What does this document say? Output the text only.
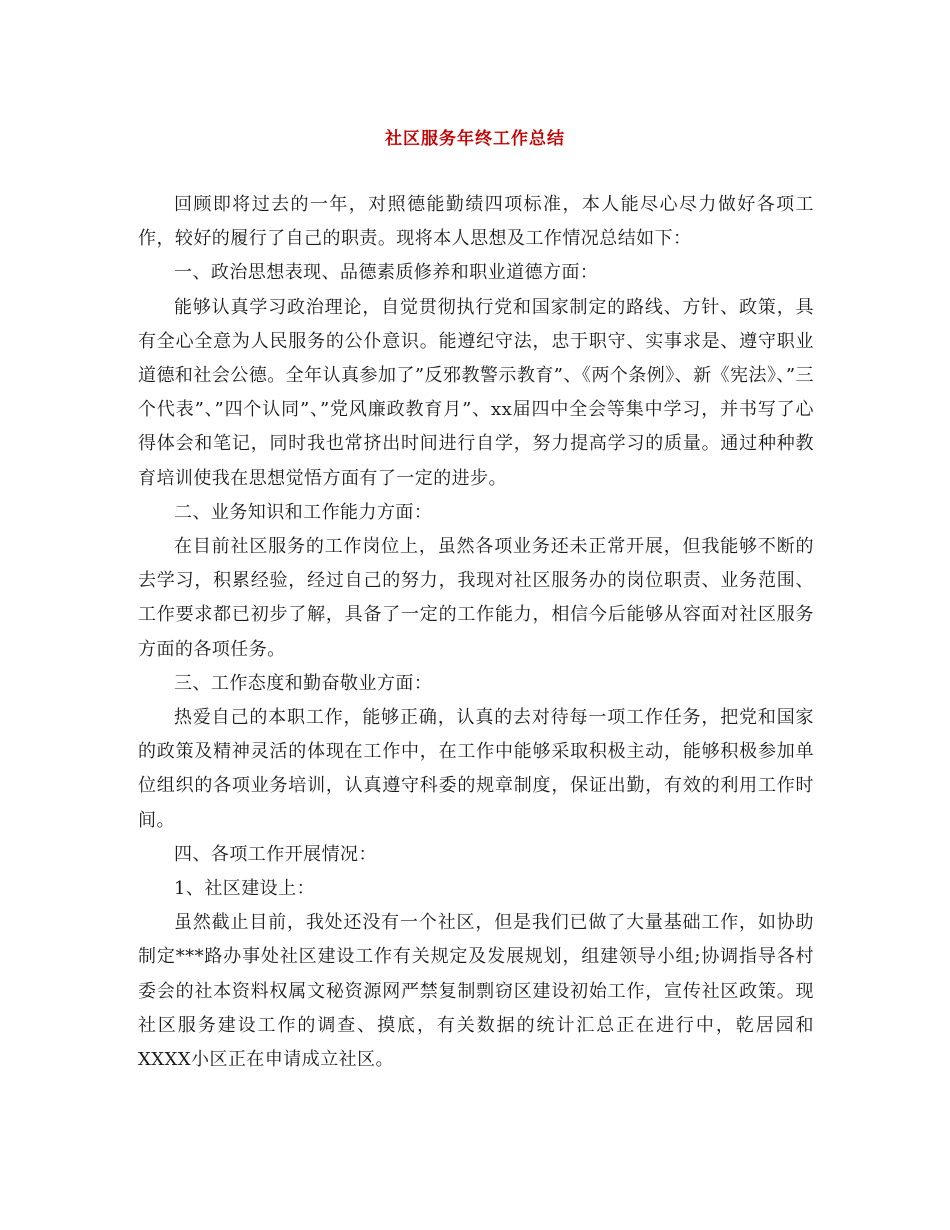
社区服务年终工作总结

回顾即将过去的一年，对照德能勤绩四项标准，本人能尽心尽力做好各项工作，较好的履行了自己的职责。现将本人思想及工作情况总结如下：

一、政治思想表现、品德素质修养和职业道德方面：

能够认真学习政治理论，自觉贯彻执行党和国家制定的路线、方针、政策，具有全心全意为人民服务的公仆意识。能遵纪守法，忠于职守、实事求是、遵守职业道德和社会公德。全年认真参加了”反邪教警示教育”、《两个条例》、新《宪法》、”三个代表”、”四个认同”、”党风廉政教育月”、xx届四中全会等集中学习，并书写了心得体会和笔记，同时我也常挤出时间进行自学，努力提高学习的质量。通过种种教育培训使我在思想觉悟方面有了一定的进步。

二、业务知识和工作能力方面：

在目前社区服务的工作岗位上，虽然各项业务还未正常开展，但我能够不断的去学习，积累经验，经过自己的努力，我现对社区服务办的岗位职责、业务范围、工作要求都已初步了解，具备了一定的工作能力，相信今后能够从容面对社区服务方面的各项任务。

三、工作态度和勤奋敬业方面：

热爱自己的本职工作，能够正确，认真的去对待每一项工作任务，把党和国家的政策及精神灵活的体现在工作中，在工作中能够采取积极主动，能够积极参加单位组织的各项业务培训，认真遵守科委的规章制度，保证出勤，有效的利用工作时间。

四、各项工作开展情况：

1、社区建设上：

虽然截止目前，我处还没有一个社区，但是我们已做了大量基础工作，如协助制定***路办事处社区建设工作有关规定及发展规划，组建领导小组;协调指导各村委会的社本资料权属文秘资源网严禁复制剽窃区建设初始工作，宣传社区政策。现社区服务建设工作的调查、摸底，有关数据的统计汇总正在进行中，乾居园和XXXX小区正在申请成立社区。
